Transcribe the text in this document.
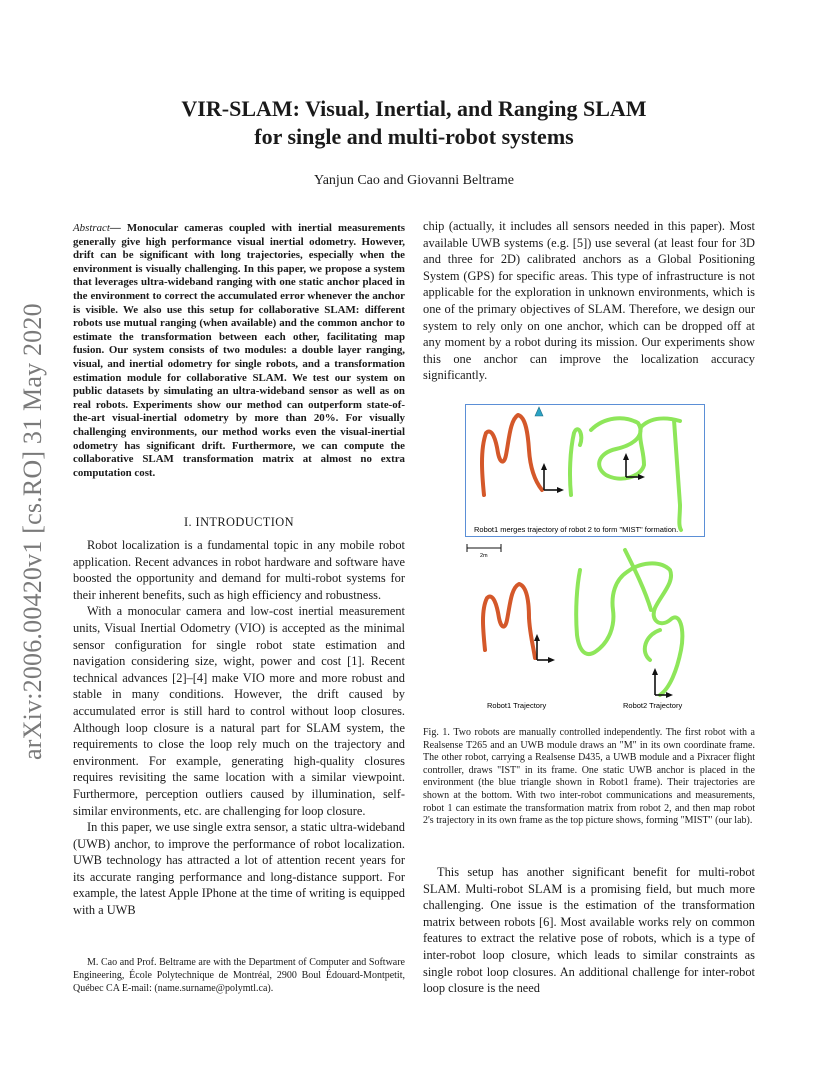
arXiv:2006.00420v1 [cs.RO] 31 May 2020
VIR-SLAM: Visual, Inertial, and Ranging SLAM
for single and multi-robot systems
Yanjun Cao and Giovanni Beltrame
Abstract— Monocular cameras coupled with inertial measurements generally give high performance visual inertial odometry. However, drift can be significant with long trajectories, especially when the environment is visually challenging. In this paper, we propose a system that leverages ultra-wideband ranging with one static anchor placed in the environment to correct the accumulated error whenever the anchor is visible. We also use this setup for collaborative SLAM: different robots use mutual ranging (when available) and the common anchor to estimate the transformation between each other, facilitating map fusion. Our system consists of two modules: a double layer ranging, visual, and inertial odometry for single robots, and a transformation estimation module for collaborative SLAM. We test our system on public datasets by simulating an ultra-wideband sensor as well as on real robots. Experiments show our method can outperform state-of-the-art visual-inertial odometry by more than 20%. For visually challenging environments, our method works even the visual-inertial odometry has significant drift. Furthermore, we can compute the collaborative SLAM transformation matrix at almost no extra computation cost.
I. INTRODUCTION

Robot localization is a fundamental topic in any mobile robot application. Recent advances in robot hardware and software have boosted the opportunity and demand for multi-robot systems for their inherent benefits, such as high efficiency and robustness.

With a monocular camera and low-cost inertial measurement units, Visual Inertial Odometry (VIO) is accepted as the minimal sensor configuration for single robot state estimation and navigation considering size, wight, power and cost [1]. Recent technical advances [2]–[4] make VIO more and more robust and stable in many conditions. However, the drift caused by accumulated error is still hard to control without loop closures. Although loop closure is a natural part for SLAM system, the requirements to close the loop rely much on the trajectory and environment. For example, generating high-quality closures requires revisiting the same location with a similar viewpoint. Furthermore, perception outliers caused by illumination, self-similar environments, etc. are challenging for loop closure.

In this paper, we use single extra sensor, a static ultra-wideband (UWB) anchor, to improve the performance of robot localization. UWB technology has attracted a lot of attention recent years for its accurate ranging performance and long-distance support. For example, the latest Apple IPhone at the time of writing is equipped with a UWB

M. Cao and Prof. Beltrame are with the Department of Computer and Software Engineering, École Polytechnique de Montréal, 2900 Boul Édouard-Montpetit, Québec CA E-mail: (name.surname@polymtl.ca).

chip (actually, it includes all sensors needed in this paper). Most available UWB systems (e.g. [5]) use several (at least four for 3D and three for 2D) calibrated anchors as a Global Positioning System (GPS) for specific areas. This type of infrastructure is not applicable for the exploration in unknown environments, which is one of the primary objectives of SLAM. Therefore, we design our system to rely only on one anchor, which can be dropped off at any moment by a robot during its mission. Our experiments show this one anchor can improve the localization accuracy significantly.

Robot1 merges trajectory of robot 2 to form "MIST" formation.
2m
Robot1 Trajectory	Robot2 Trajectory
Fig. 1. Two robots are manually controlled independently. The first robot with a Realsense T265 and an UWB module draws an "M" in its own coordinate frame. The other robot, carrying a Realsense D435, a UWB module and a Pixracer flight controller, draws "IST" in its frame. One static UWB anchor is placed in the environment (the blue triangle shown in Robot1 frame). Their trajectories are shown at the bottom. With two inter-robot communications and measurements, robot 1 can estimate the transformation matrix from robot 2, and then map robot 2's trajectory in its own frame as the top picture shows, forming "MIST" (our lab).

This setup has another significant benefit for multi-robot SLAM. Multi-robot SLAM is a promising field, but much more challenging. One issue is the estimation of the transformation matrix between robots [6]. Most available works rely on common features to extract the relative pose of robots, which is a type of inter-robot loop closure, which leads to similar constraints as single robot loop closures. An additional challenge for inter-robot loop closure is the need
